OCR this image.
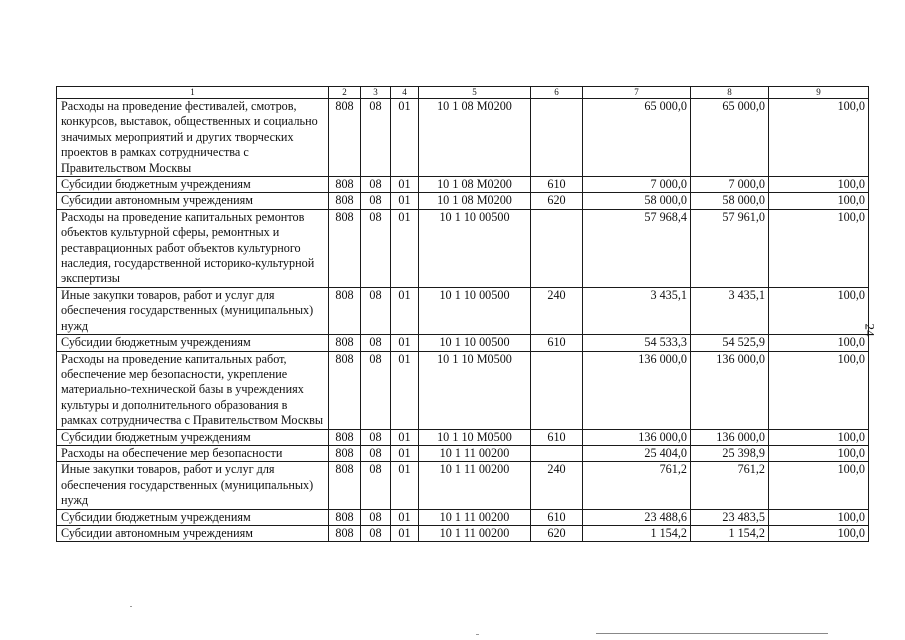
1	2	3	4	5	6	7	8	9
Расходы на проведение фестивалей, смотров, конкурсов, выставок, общественных и социально значимых мероприятий и других творческих проектов в рамках сотрудничества с Правительством Москвы	808	08	01	10 1 08 М0200		65 000,0	65 000,0	100,0
Субсидии бюджетным учреждениям	808	08	01	10 1 08 М0200	610	7 000,0	7 000,0	100,0
Субсидии автономным учреждениям	808	08	01	10 1 08 М0200	620	58 000,0	58 000,0	100,0
Расходы на проведение капитальных ремонтов объектов культурной сферы, ремонтных и реставрационных работ объектов культурного наследия, государственной историко-культурной экспертизы	808	08	01	10 1 10 00500		57 968,4	57 961,0	100,0
Иные закупки товаров, работ и услуг для обеспечения государственных (муниципальных) нужд	808	08	01	10 1 10 00500	240	3 435,1	3 435,1	100,0
Субсидии бюджетным учреждениям	808	08	01	10 1 10 00500	610	54 533,3	54 525,9	100,0
Расходы на проведение капитальных работ, обеспечение мер безопасности, укрепление материально-технической базы в учреждениях культуры и дополнительного образования в рамках сотрудничества с Правительством Москвы	808	08	01	10 1 10 М0500		136 000,0	136 000,0	100,0
Субсидии бюджетным учреждениям	808	08	01	10 1 10 М0500	610	136 000,0	136 000,0	100,0
Расходы на обеспечение мер безопасности	808	08	01	10 1 11 00200		25 404,0	25 398,9	100,0
Иные закупки товаров, работ и услуг для обеспечения государственных (муниципальных) нужд	808	08	01	10 1 11 00200	240	761,2	761,2	100,0
Субсидии бюджетным учреждениям	808	08	01	10 1 11 00200	610	23 488,6	23 483,5	100,0
Субсидии автономным учреждениям	808	08	01	10 1 11 00200	620	1 154,2	1 154,2	100,0
24
